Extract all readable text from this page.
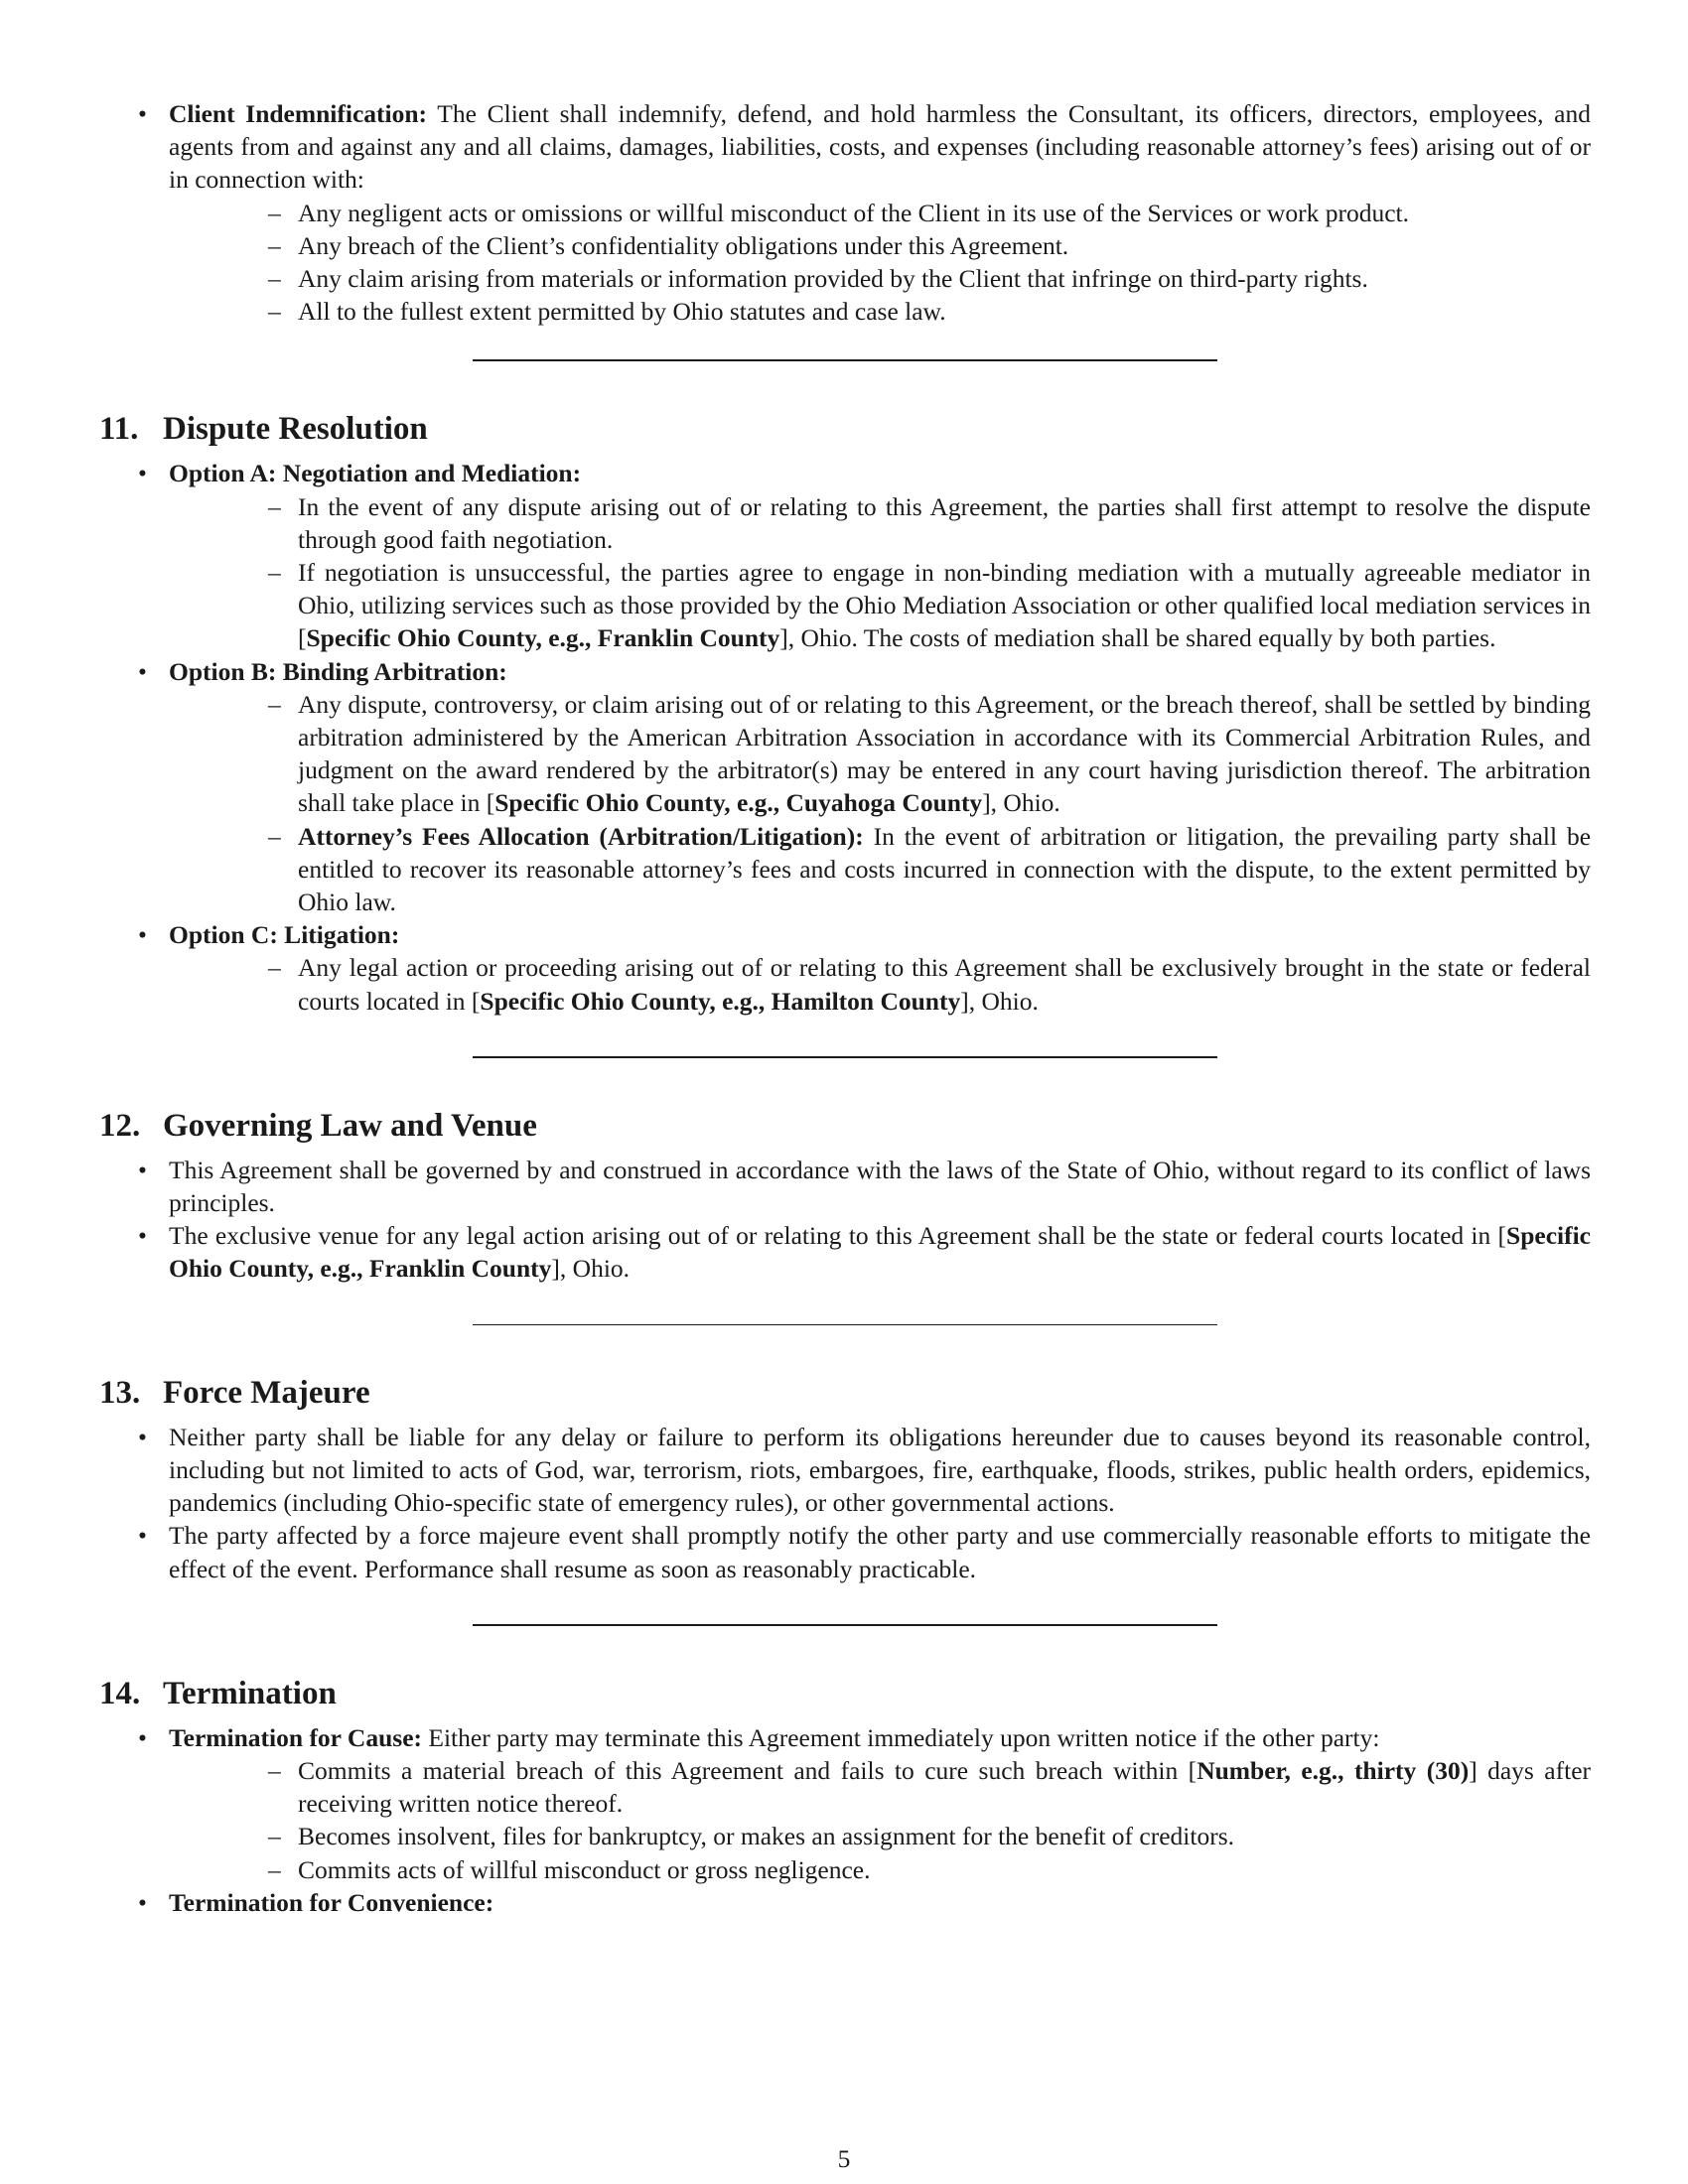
• Client Indemnification: The Client shall indemnify, defend, and hold harmless the Consultant, its officers, directors, employees, and agents from and against any and all claims, damages, liabilities, costs, and expenses (including reasonable attorney’s fees) arising out of or in connection with:
– Any negligent acts or omissions or willful misconduct of the Client in its use of the Services or work product.
– Any breach of the Client’s confidentiality obligations under this Agreement.
– Any claim arising from materials or information provided by the Client that infringe on third-party rights.
– All to the fullest extent permitted by Ohio statutes and case law.
11. Dispute Resolution
• Option A: Negotiation and Mediation:
– In the event of any dispute arising out of or relating to this Agreement, the parties shall first attempt to resolve the dispute through good faith negotiation.
– If negotiation is unsuccessful, the parties agree to engage in non-binding mediation with a mutually agreeable mediator in Ohio, utilizing services such as those provided by the Ohio Mediation Association or other qualified local mediation services in [Specific Ohio County, e.g., Franklin County], Ohio. The costs of mediation shall be shared equally by both parties.
• Option B: Binding Arbitration:
– Any dispute, controversy, or claim arising out of or relating to this Agreement, or the breach thereof, shall be settled by binding arbitration administered by the American Arbitration Association in accordance with its Commercial Arbitration Rules, and judgment on the award rendered by the arbitrator(s) may be entered in any court having jurisdiction thereof. The arbitration shall take place in [Specific Ohio County, e.g., Cuyahoga County], Ohio.
– Attorney’s Fees Allocation (Arbitration/Litigation): In the event of arbitration or litigation, the prevailing party shall be entitled to recover its reasonable attorney’s fees and costs incurred in connection with the dispute, to the extent permitted by Ohio law.
• Option C: Litigation:
– Any legal action or proceeding arising out of or relating to this Agreement shall be exclusively brought in the state or federal courts located in [Specific Ohio County, e.g., Hamilton County], Ohio.
12. Governing Law and Venue
• This Agreement shall be governed by and construed in accordance with the laws of the State of Ohio, without regard to its conflict of laws principles.
• The exclusive venue for any legal action arising out of or relating to this Agreement shall be the state or federal courts located in [Specific Ohio County, e.g., Franklin County], Ohio.
13. Force Majeure
• Neither party shall be liable for any delay or failure to perform its obligations hereunder due to causes beyond its reasonable control, including but not limited to acts of God, war, terrorism, riots, embargoes, fire, earthquake, floods, strikes, public health orders, epidemics, pandemics (including Ohio-specific state of emergency rules), or other governmental actions.
• The party affected by a force majeure event shall promptly notify the other party and use commercially reasonable efforts to mitigate the effect of the event. Performance shall resume as soon as reasonably practicable.
14. Termination
• Termination for Cause: Either party may terminate this Agreement immediately upon written notice if the other party:
– Commits a material breach of this Agreement and fails to cure such breach within [Number, e.g., thirty (30)] days after receiving written notice thereof.
– Becomes insolvent, files for bankruptcy, or makes an assignment for the benefit of creditors.
– Commits acts of willful misconduct or gross negligence.
• Termination for Convenience:
5
